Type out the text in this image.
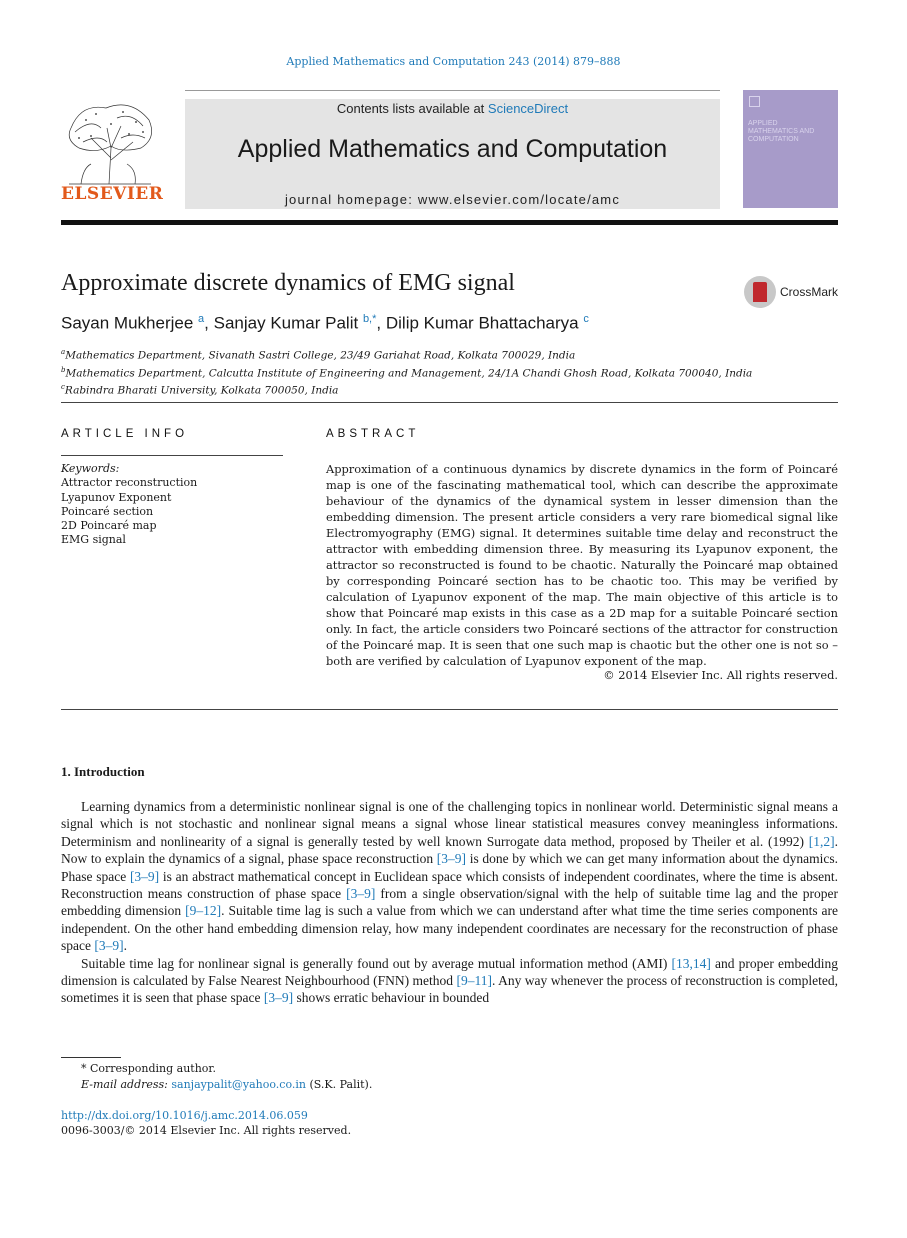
Applied Mathematics and Computation 243 (2014) 879–888
ELSEVIER
Contents lists available at ScienceDirect
Applied Mathematics and Computation
journal homepage: www.elsevier.com/locate/amc
APPLIED MATHEMATICS AND COMPUTATION
Approximate discrete dynamics of EMG signal	CrossMark
Sayan Mukherjee $^a$, Sanjay Kumar Palit $^{b,*}$, Dilip Kumar Bhattacharya $^c$
$^a$Mathematics Department, Sivanath Sastri College, 23/49 Gariahat Road, Kolkata 700029, India
$^b$Mathematics Department, Calcutta Institute of Engineering and Management, 24/1A Chandi Ghosh Road, Kolkata 700040, India
$^c$Rabindra Bharati University, Kolkata 700050, India
ARTICLE INFO
Keywords:
Attractor reconstruction
Lyapunov Exponent
Poincaré section
2D Poincaré map
EMG signal
ABSTRACT
Approximation of a continuous dynamics by discrete dynamics in the form of Poincaré map is one of the fascinating mathematical tool, which can describe the approximate behaviour of the dynamics of the dynamical system in lesser dimension than the embedding dimension. The present article considers a very rare biomedical signal like Electromyography (EMG) signal. It determines suitable time delay and reconstruct the attractor with embedding dimension three. By measuring its Lyapunov exponent, the attractor so reconstructed is found to be chaotic. Naturally the Poincaré map obtained by corresponding Poincaré section has to be chaotic too. This may be verified by calculation of Lyapunov exponent of the map. The main objective of this article is to show that Poincaré map exists in this case as a 2D map for a suitable Poincaré section only. In fact, the article considers two Poincaré sections of the attractor for construction of the Poincaré map. It is seen that one such map is chaotic but the other one is not so – both are verified by calculation of Lyapunov exponent of the map.
© 2014 Elsevier Inc. All rights reserved.
1. Introduction

Learning dynamics from a deterministic nonlinear signal is one of the challenging topics in nonlinear world. Deterministic signal means a signal which is not stochastic and nonlinear signal means a signal whose linear statistical measures convey meaningless informations. Determinism and nonlinearity of a signal is generally tested by well known Surrogate data method, proposed by Theiler et al. (1992) [1,2]. Now to explain the dynamics of a signal, phase space reconstruction [3–9] is done by which we can get many information about the dynamics. Phase space [3–9] is an abstract mathematical concept in Euclidean space which consists of independent coordinates, where the time is absent. Reconstruction means construction of phase space [3–9] from a single observation/signal with the help of suitable time lag and the proper embedding dimension [9–12]. Suitable time lag is such a value from which we can understand after what time the time series components are independent. On the other hand embedding dimension relay, how many independent coordinates are necessary for the reconstruction of phase space [3–9].

Suitable time lag for nonlinear signal is generally found out by average mutual information method (AMI) [13,14] and proper embedding dimension is calculated by False Nearest Neighbourhood (FNN) method [9–11]. Any way whenever the process of reconstruction is completed, sometimes it is seen that phase space [3–9] shows erratic behaviour in bounded

* Corresponding author.
E-mail address: sanjaypalit@yahoo.co.in (S.K. Palit).
http://dx.doi.org/10.1016/j.amc.2014.06.059
0096-3003/© 2014 Elsevier Inc. All rights reserved.
